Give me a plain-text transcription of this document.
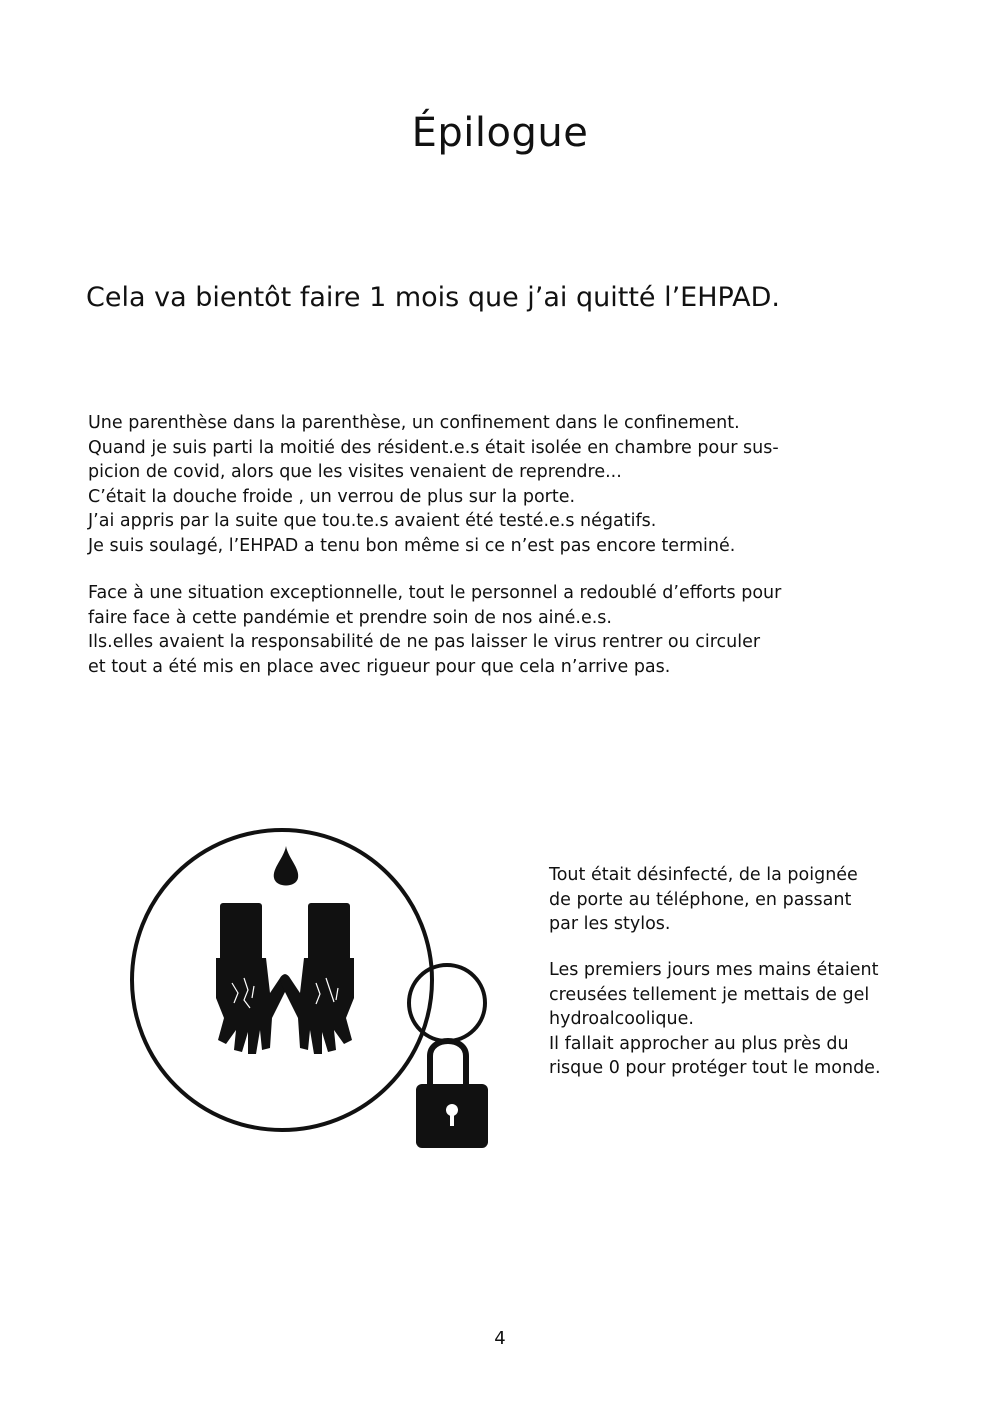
Épilogue

Cela va bientôt faire 1 mois que j’ai quitté l’EHPAD.

Une parenthèse dans la parenthèse, un confinement dans le confinement.
Quand je suis parti la moitié des résident.e.s était isolée en chambre pour sus-
picion de covid, alors que les visites venaient de reprendre...
C’était la douche froide , un verrou de plus sur la porte.
J’ai appris par la suite que tou.te.s avaient été testé.e.s négatifs.
Je suis soulagé, l’EHPAD a tenu bon même si ce n’est pas encore terminé.

Face à une situation exceptionnelle, tout le personnel a redoublé d’efforts pour
faire face à cette pandémie et prendre soin de nos ainé.e.s.
Ils.elles avaient la responsabilité de ne pas laisser le virus rentrer ou circuler
et tout a été mis en place avec rigueur pour que cela n’arrive pas.

Tout était désinfecté, de la poignée
de porte au téléphone, en passant
par les stylos.

Les premiers jours mes mains étaient
creusées tellement je mettais de gel
hydroalcoolique.
Il fallait approcher au plus près du
risque 0 pour protéger tout le monde.

4
